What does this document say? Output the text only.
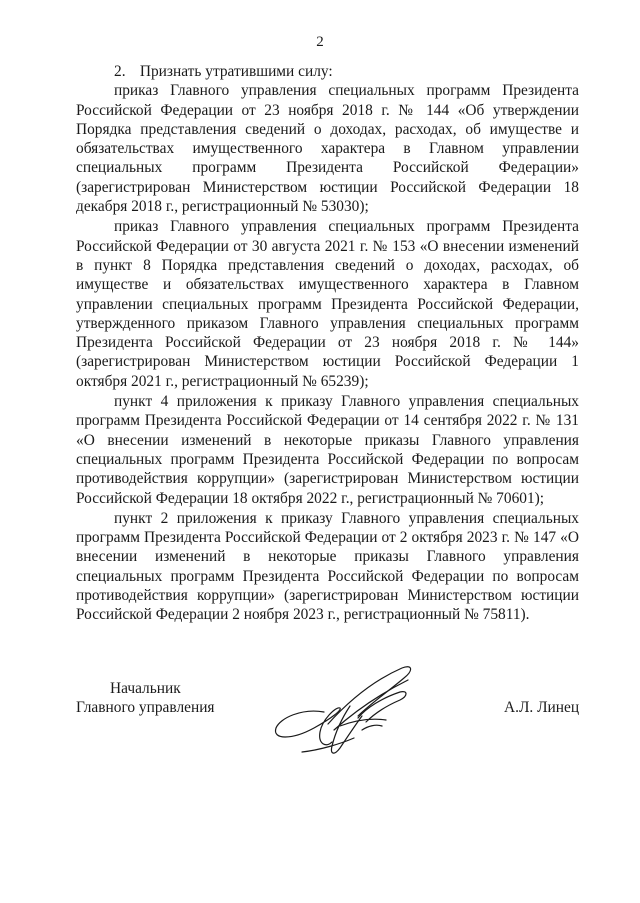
2

2. Признать утратившими силу:

приказ Главного управления специальных программ Президента Российской Федерации от 23 ноября 2018 г. № 144 «Об утверждении Порядка представления сведений о доходах, расходах, об имуществе и обязательствах имущественного характера в Главном управлении специальных программ Президента Российской Федерации» (зарегистрирован Министерством юстиции Российской Федерации 18 декабря 2018 г., регистрационный № 53030);

приказ Главного управления специальных программ Президента Российской Федерации от 30 августа 2021 г. № 153 «О внесении изменений в пункт 8 Порядка представления сведений о доходах, расходах, об имуществе и обязательствах имущественного характера в Главном управлении специальных программ Президента Российской Федерации, утвержденного приказом Главного управления специальных программ Президента Российской Федерации от 23 ноября 2018 г. № 144» (зарегистрирован Министерством юстиции Российской Федерации 1 октября 2021 г., регистрационный № 65239);

пункт 4 приложения к приказу Главного управления специальных программ Президента Российской Федерации от 14 сентября 2022 г. № 131 «О внесении изменений в некоторые приказы Главного управления специальных программ Президента Российской Федерации по вопросам противодействия коррупции» (зарегистрирован Министерством юстиции Российской Федерации 18 октября 2022 г., регистрационный № 70601);

пункт 2 приложения к приказу Главного управления специальных программ Президента Российской Федерации от 2 октября 2023 г. № 147 «О внесении изменений в некоторые приказы Главного управления специальных программ Президента Российской Федерации по вопросам противодействия коррупции» (зарегистрирован Министерством юстиции Российской Федерации 2 ноября 2023 г., регистрационный № 75811).

Начальник
Главного управления	А.Л. Линец
